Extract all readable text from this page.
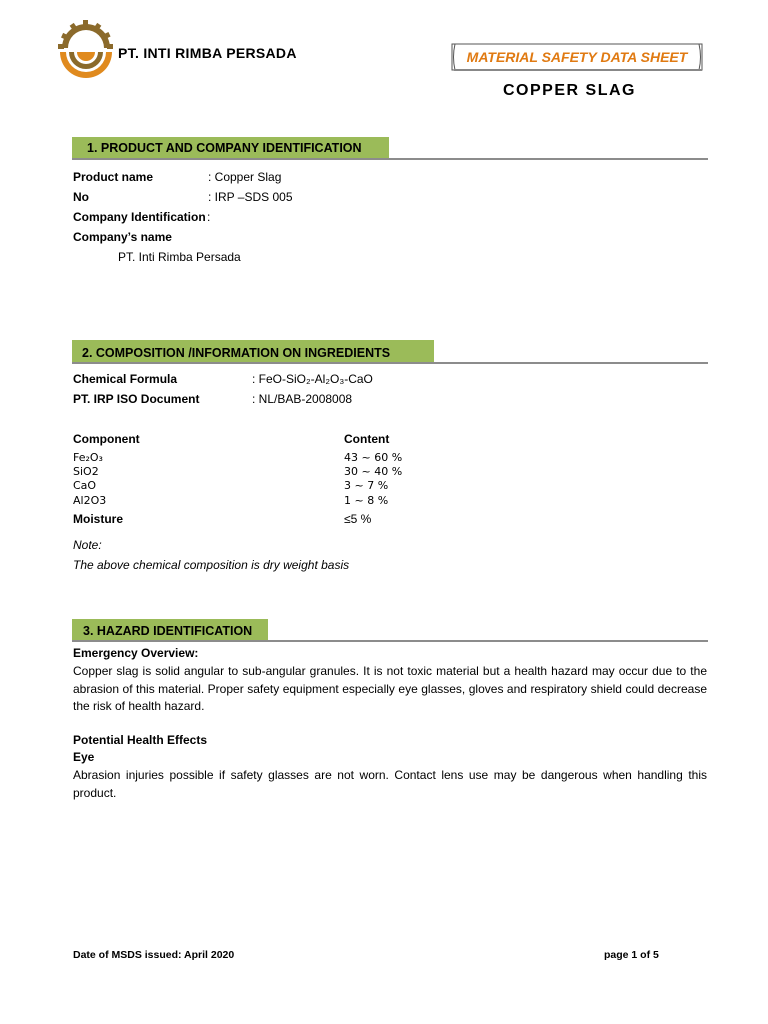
PT. INTI RIMBA PERSADA	MATERIAL SAFETY DATA SHEET
COPPER SLAG
1. PRODUCT AND COMPANY IDENTIFICATION
Product name	: Copper Slag
No	: IRP –SDS 005
Company Identification :
Company’s name
PT. Inti Rimba Persada
2. COMPOSITION /INFORMATION ON INGREDIENTS
Chemical Formula	: FeO-SiO₂-Al₂O₃-CaO
PT. IRP ISO Document	: NL/BAB-2008008
Component	Content
Fe₂O₃	43 ~ 60 %
SiO2	30 ~ 40 %
CaO	3 ~ 7 %
Al2O3	1 ~ 8 %
Moisture	≤5 %
Note:
The above chemical composition is dry weight basis
3. HAZARD IDENTIFICATION
Emergency Overview:
Copper slag is solid angular to sub-angular granules. It is not toxic material but a health hazard may occur due to the abrasion of this material. Proper safety equipment especially eye glasses, gloves and respiratory shield could decrease the risk of health hazard.
Potential Health Effects
Eye
Abrasion injuries possible if safety glasses are not worn. Contact lens use may be dangerous when handling this product.
Date of MSDS issued: April 2020	page 1 of 5
